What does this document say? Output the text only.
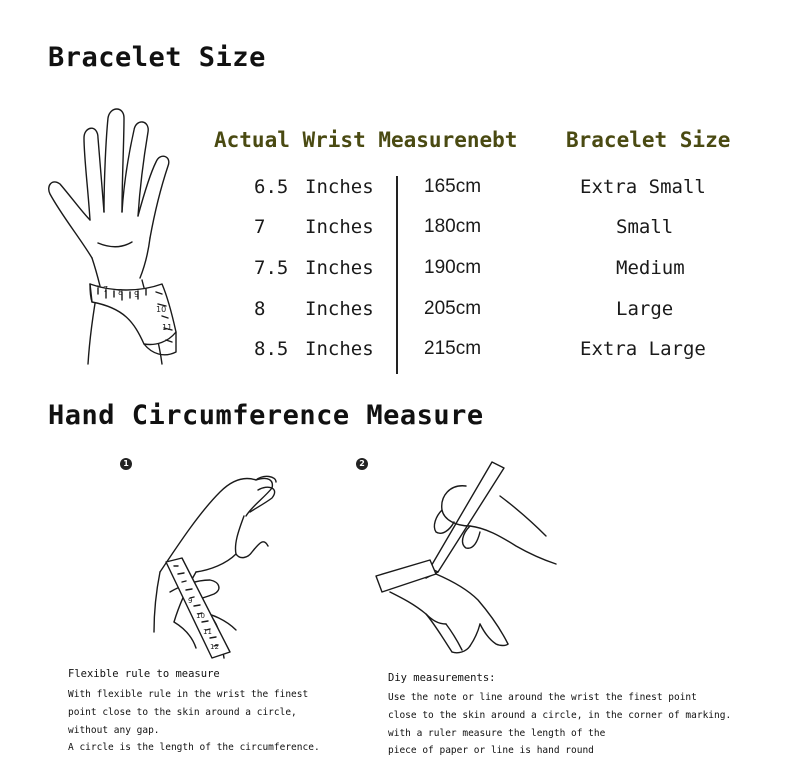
Bracelet Size
7 8 9
10
11
Actual Wrist Measurenebt Bracelet Size
6.5 Inches	165cm	Extra Small
7 Inches	180cm	Small
7.5 Inches	190cm	Medium
8 Inches	205cm	Large
8.5 Inches	215cm	Extra Large
Hand Circumference Measure
1
9
10
11
12
2
Flexible rule to measure
With flexible rule in the wrist the finest
point close to the skin around a circle,
without any gap.
A circle is the length of the circumference.
Diy measurements:
Use the note or line around the wrist the finest point
close to the skin around a circle, in the corner of marking.
with a ruler measure the length of the
piece of paper or line is hand round
